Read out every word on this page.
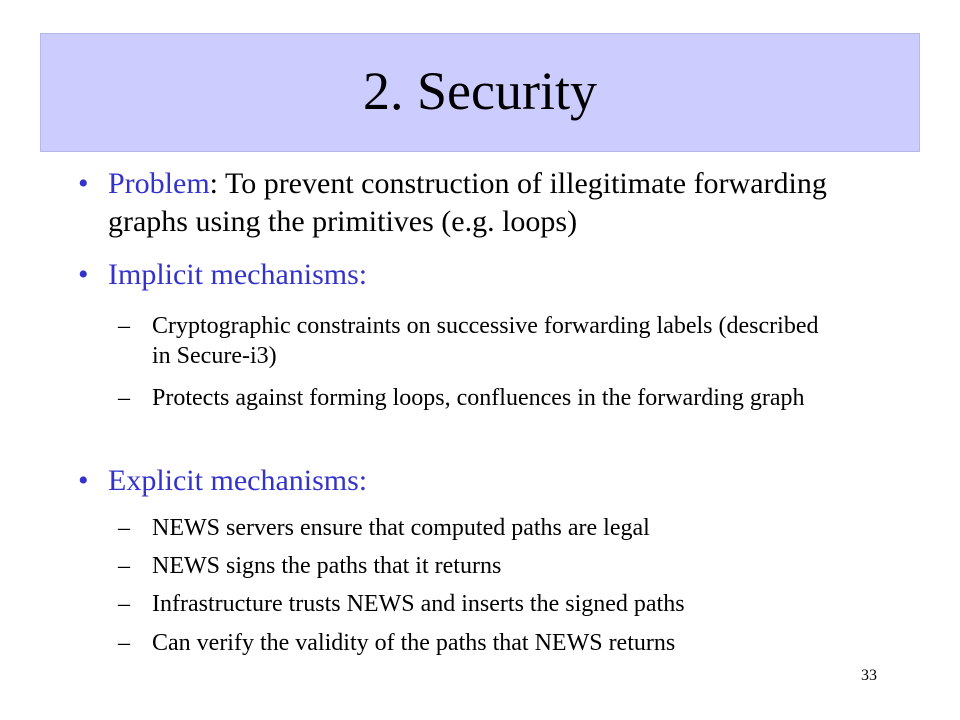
2. Security
• Problem: To prevent construction of illegitimate forwarding graphs using the primitives (e.g. loops)
• Implicit mechanisms:
– Cryptographic constraints on successive forwarding labels (described in Secure-i3)
– Protects against forming loops, confluences in the forwarding graph
• Explicit mechanisms:
– NEWS servers ensure that computed paths are legal
– NEWS signs the paths that it returns
– Infrastructure trusts NEWS and inserts the signed paths
– Can verify the validity of the paths that NEWS returns
33
